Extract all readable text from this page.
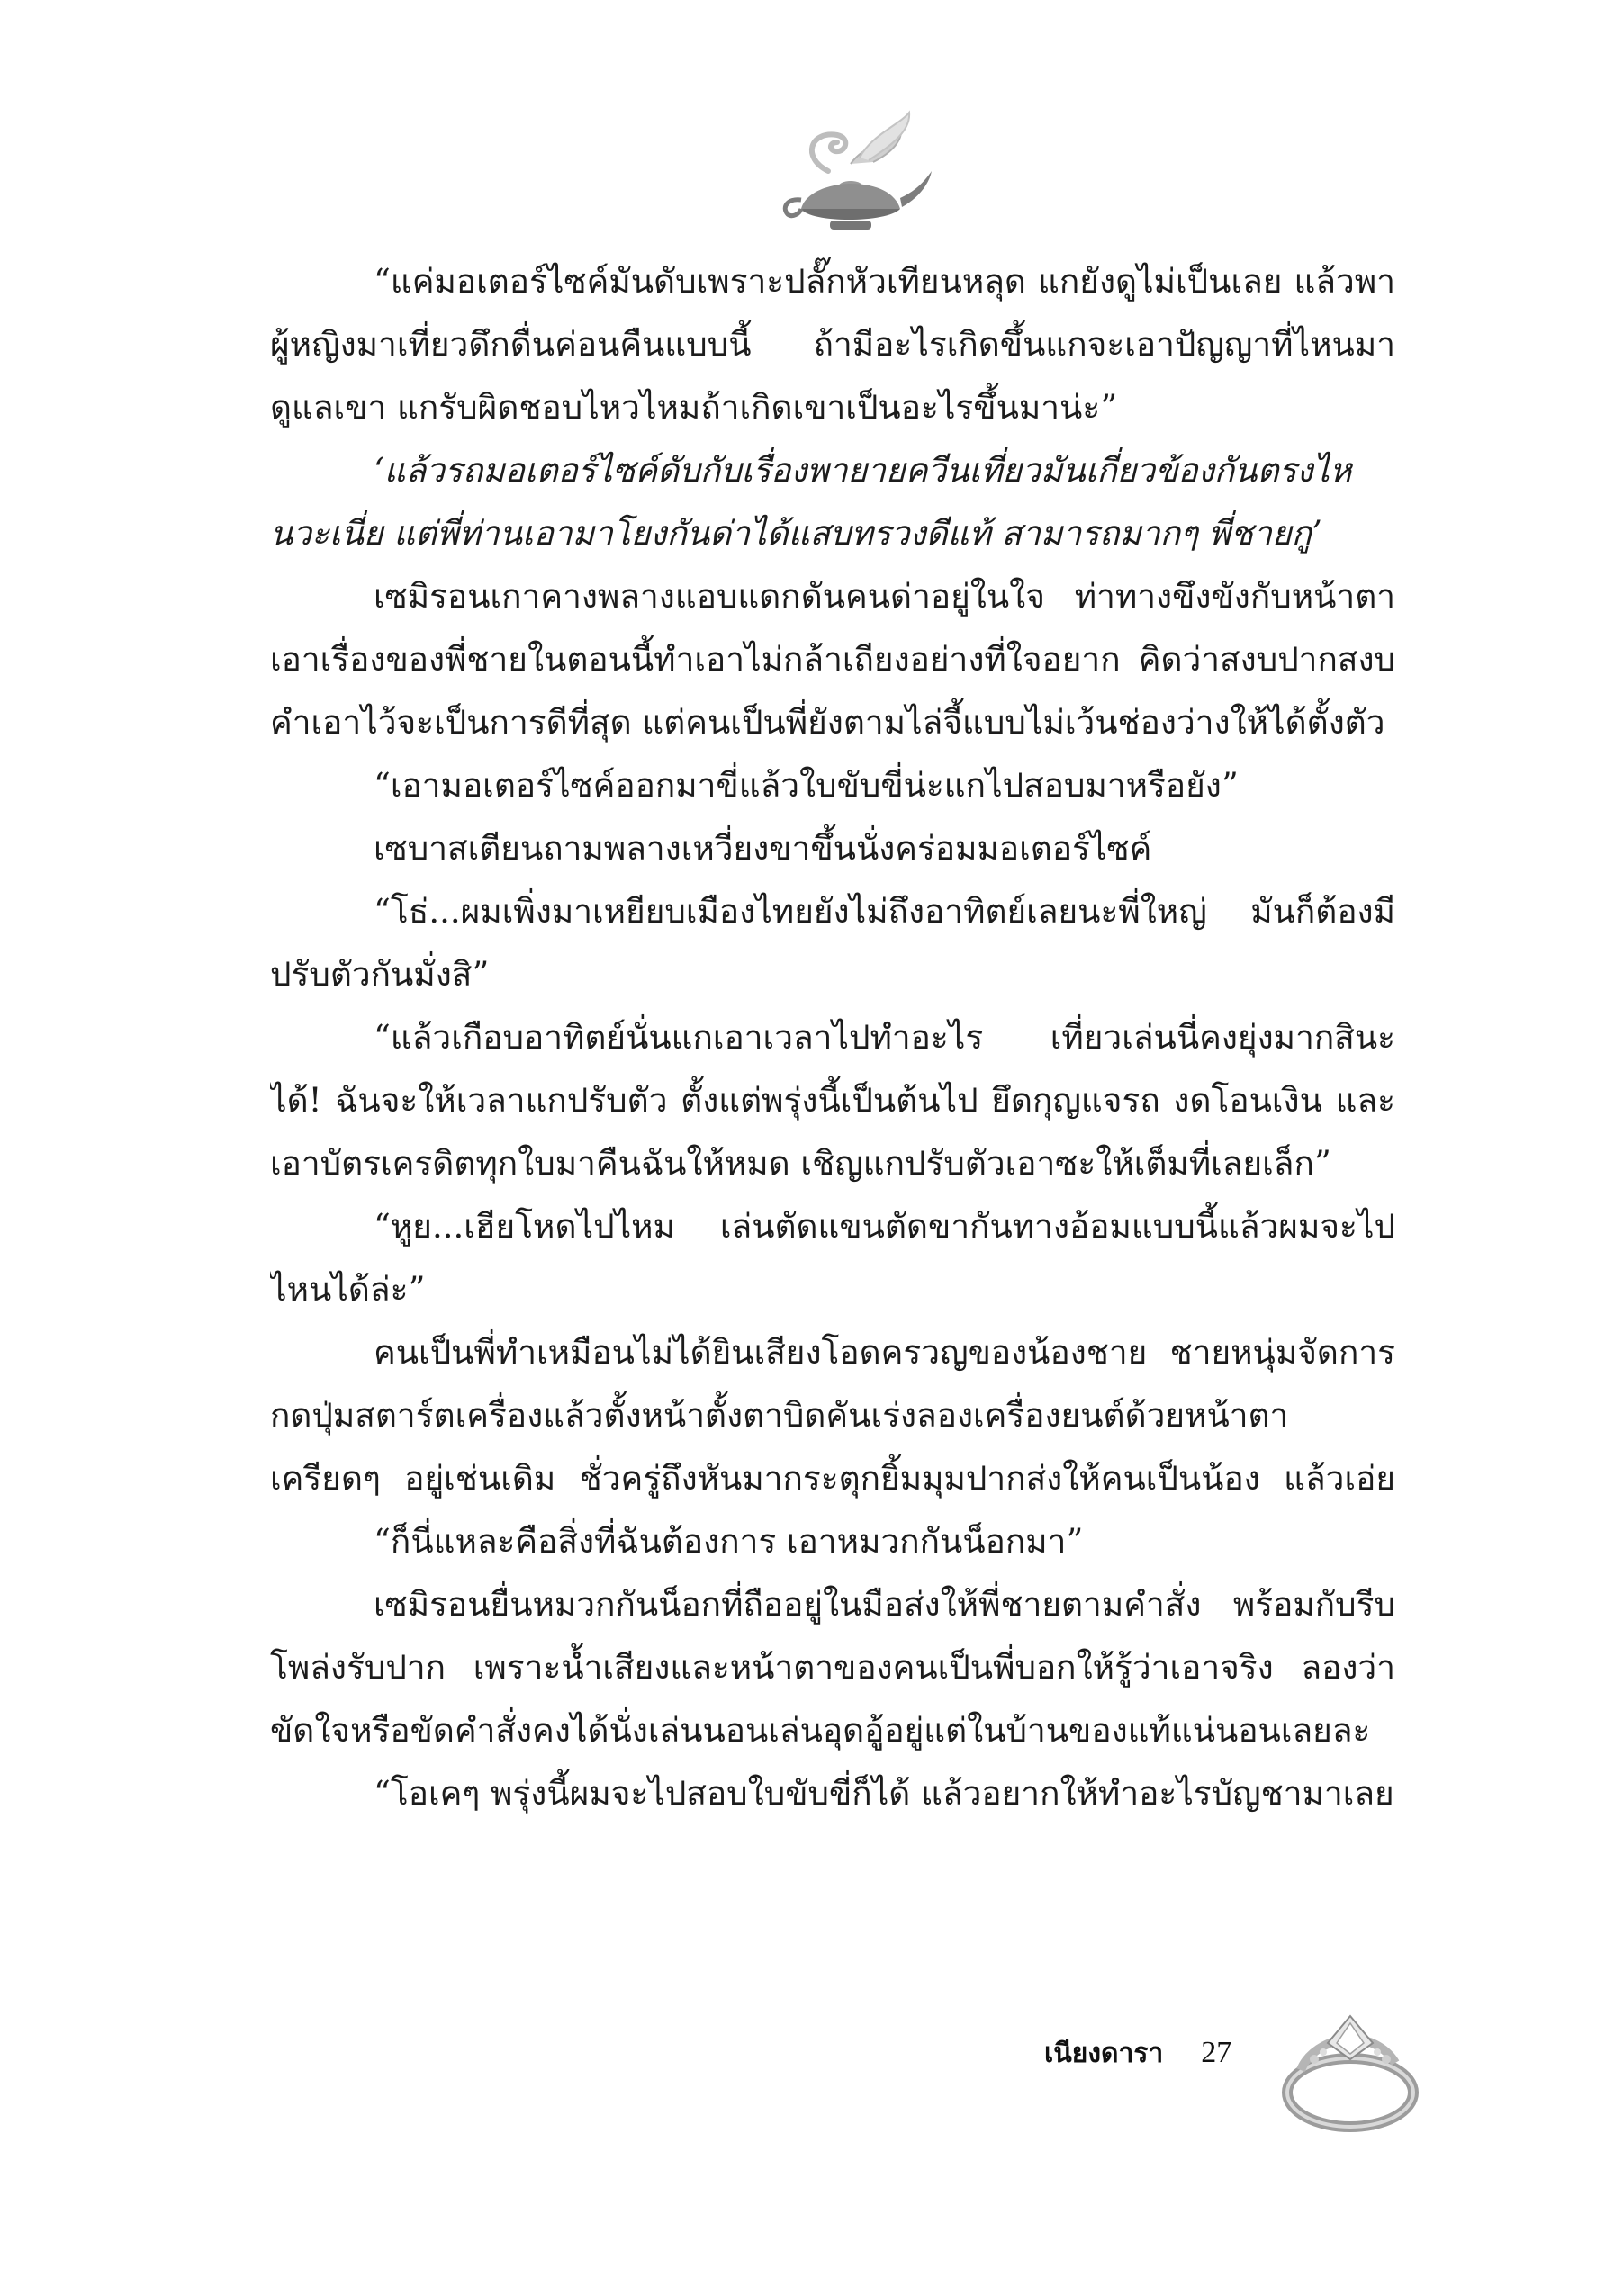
“แค่มอเตอร์ไซค์มันดับเพราะปลั๊กหัวเทียนหลุด แกยังดูไม่เป็นเลย แล้วพาผู้หญิงมาเที่ยวดึกดื่นค่อนคืนแบบนี้ ถ้ามีอะไรเกิดขึ้นแกจะเอาปัญญาที่ไหนมาดูแลเขา แกรับผิดชอบไหวไหมถ้าเกิดเขาเป็นอะไรขึ้นมาน่ะ”

‘แล้วรถมอเตอร์ไซค์ดับกับเรื่องพายายควีนเที่ยวมันเกี่ยวข้องกันตรงไหนวะเนี่ย แต่พี่ท่านเอามาโยงกันด่าได้แสบทรวงดีแท้ สามารถมากๆ พี่ชายกู’

เซมิรอนเกาคางพลางแอบแดกดันคนด่าอยู่ในใจ ท่าทางขึงขังกับหน้าตาเอาเรื่องของพี่ชายในตอนนี้ทำเอาไม่กล้าเถียงอย่างที่ใจอยาก คิดว่าสงบปากสงบคำเอาไว้จะเป็นการดีที่สุด แต่คนเป็นพี่ยังตามไล่จี้แบบไม่เว้นช่องว่างให้ได้ตั้งตัว

“เอามอเตอร์ไซค์ออกมาขี่แล้วใบขับขี่น่ะแกไปสอบมาหรือยัง”

เซบาสเตียนถามพลางเหวี่ยงขาขึ้นนั่งคร่อมมอเตอร์ไซค์

“โธ่...ผมเพิ่งมาเหยียบเมืองไทยยังไม่ถึงอาทิตย์เลยนะพี่ใหญ่ มันก็ต้องมีปรับตัวกันมั่งสิ”

“แล้วเกือบอาทิตย์นั่นแกเอาเวลาไปทำอะไร เที่ยวเล่นนี่คงยุ่งมากสินะ ได้! ฉันจะให้เวลาแกปรับตัว ตั้งแต่พรุ่งนี้เป็นต้นไป ยึดกุญแจรถ งดโอนเงิน และเอาบัตรเครดิตทุกใบมาคืนฉันให้หมด เชิญแกปรับตัวเอาซะให้เต็มที่เลยเล็ก”

“หูย...เฮียโหดไปไหม เล่นตัดแขนตัดขากันทางอ้อมแบบนี้แล้วผมจะไปไหนได้ล่ะ”

คนเป็นพี่ทำเหมือนไม่ได้ยินเสียงโอดครวญของน้องชาย ชายหนุ่มจัดการกดปุ่มสตาร์ตเครื่องแล้วตั้งหน้าตั้งตาบิดคันเร่งลองเครื่องยนต์ด้วยหน้าตาเครียดๆ อยู่เช่นเดิม ชั่วครู่ถึงหันมากระตุกยิ้มมุมปากส่งให้คนเป็นน้อง แล้วเอ่ย

“ก็นี่แหละคือสิ่งที่ฉันต้องการ เอาหมวกกันน็อกมา”

เซมิรอนยื่นหมวกกันน็อกที่ถืออยู่ในมือส่งให้พี่ชายตามคำสั่ง พร้อมกับรีบโพล่งรับปาก เพราะน้ำเสียงและหน้าตาของคนเป็นพี่บอกให้รู้ว่าเอาจริง ลองว่าขัดใจหรือขัดคำสั่งคงได้นั่งเล่นนอนเล่นอุดอู้อยู่แต่ในบ้านของแท้แน่นอนเลยละ

“โอเคๆ พรุ่งนี้ผมจะไปสอบใบขับขี่ก็ได้ แล้วอยากให้ทำอะไรบัญชามาเลย

เนียงดารา 27
